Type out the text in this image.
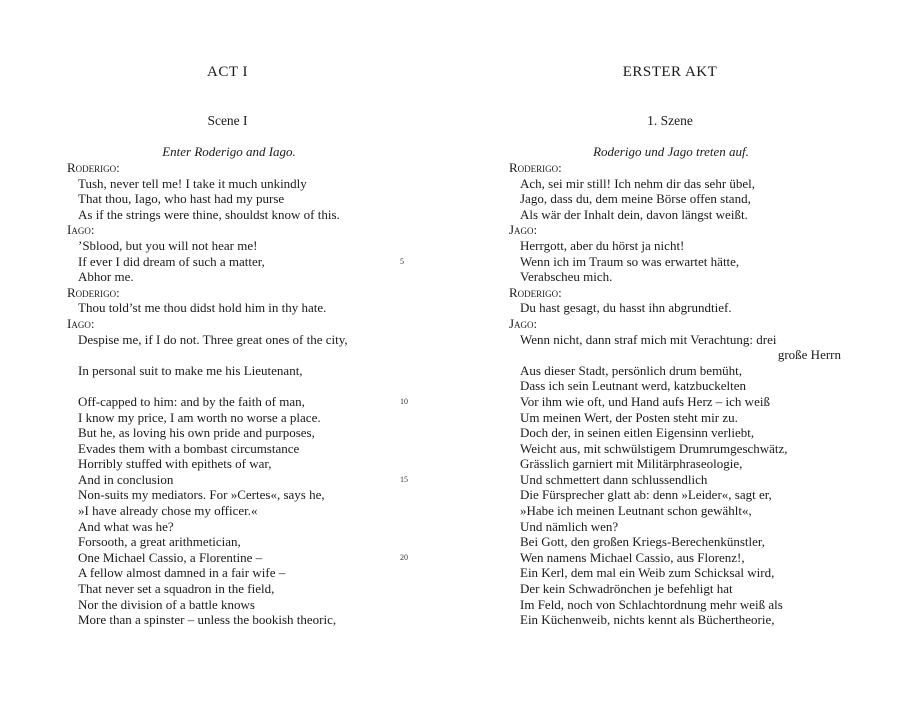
ACT I
Scene I
Enter Roderigo and Iago.
Roderigo:
Tush, never tell me! I take it much unkindly
That thou, Iago, who hast had my purse
As if the strings were thine, shouldst know of this.
Iago:
’Sblood, but you will not hear me!
If ever I did dream of such a matter,	5
Abhor me.
Roderigo:
Thou told’st me thou didst hold him in thy hate.
Iago:
Despise me, if I do not. Three great ones of the city,
In personal suit to make me his Lieutenant,
Off-capped to him: and by the faith of man,	10
I know my price, I am worth no worse a place.
But he, as loving his own pride and purposes,
Evades them with a bombast circumstance
Horribly stuffed with epithets of war,
And in conclusion	15
Non-suits my mediators. For »Certes«, says he,
»I have already chose my officer.«
And what was he?
Forsooth, a great arithmetician,
One Michael Cassio, a Florentine –	20
A fellow almost damned in a fair wife –
That never set a squadron in the field,
Nor the division of a battle knows
More than a spinster – unless the bookish theoric,
ERSTER AKT
1. Szene
Roderigo und Jago treten auf.
Roderigo:
Ach, sei mir still! Ich nehm dir das sehr übel,
Jago, dass du, dem meine Börse offen stand,
Als wär der Inhalt dein, davon längst weißt.
Jago:
Herrgott, aber du hörst ja nicht!
Wenn ich im Traum so was erwartet hätte,
Verabscheu mich.
Roderigo:
Du hast gesagt, du hasst ihn abgrundtief.
Jago:
Wenn nicht, dann straf mich mit Verachtung: drei
große Herrn
Aus dieser Stadt, persönlich drum bemüht,
Dass ich sein Leutnant werd, katzbuckelten
Vor ihm wie oft, und Hand aufs Herz – ich weiß
Um meinen Wert, der Posten steht mir zu.
Doch der, in seinen eitlen Eigensinn verliebt,
Weicht aus, mit schwülstigem Drumrumgeschwätz,
Grässlich garniert mit Militärphraseologie,
Und schmettert dann schlussendlich
Die Fürsprecher glatt ab: denn »Leider«, sagt er,
»Habe ich meinen Leutnant schon gewählt«,
Und nämlich wen?
Bei Gott, den großen Kriegs-Berechenkünstler,
Wen namens Michael Cassio, aus Florenz!,
Ein Kerl, dem mal ein Weib zum Schicksal wird,
Der kein Schwadrönchen je befehligt hat
Im Feld, noch von Schlachtordnung mehr weiß als
Ein Küchenweib, nichts kennt als Büchertheorie,
